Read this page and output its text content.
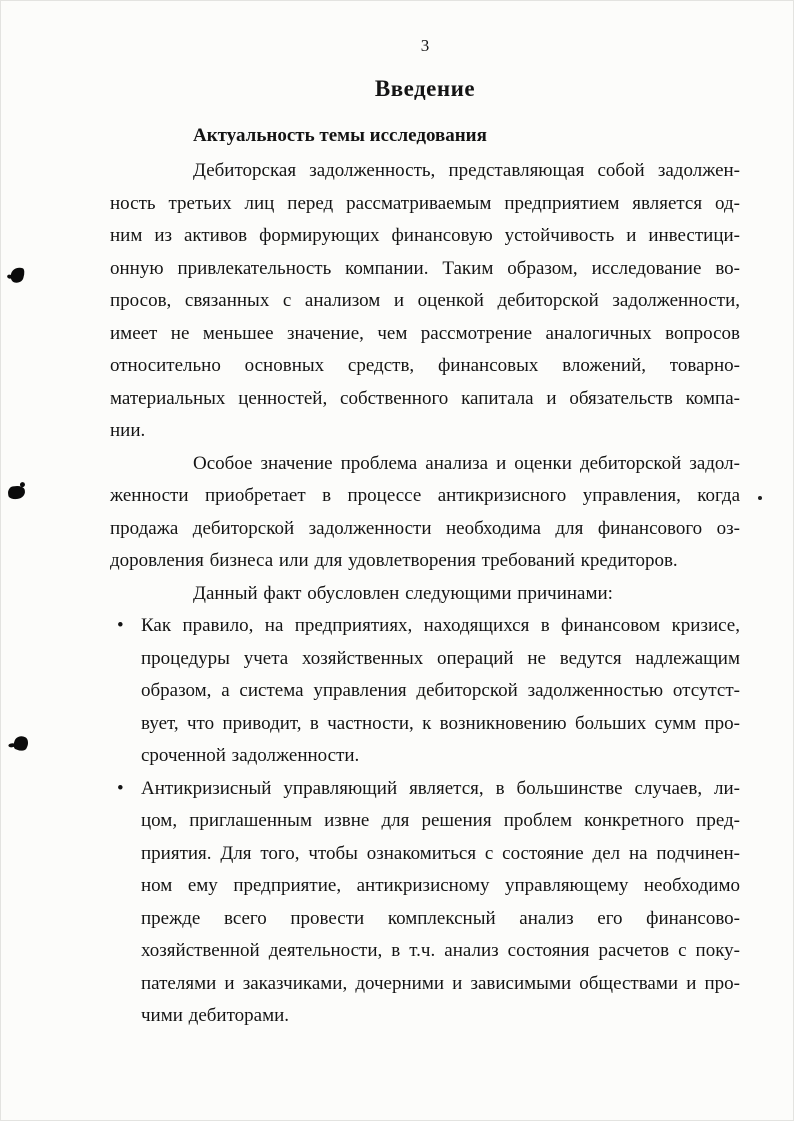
3
Введение
Актуальность темы исследования
Дебиторская задолженность, представляющая собой задолжен-
ность третьих лиц перед рассматриваемым предприятием является од-
ним из активов формирующих финансовую устойчивость и инвестици-
онную привлекательность компании. Таким образом, исследование во-
просов, связанных с анализом и оценкой дебиторской задолженности,
имеет не меньшее значение, чем рассмотрение аналогичных вопросов
относительно основных средств, финансовых вложений, товарно-
материальных ценностей, собственного капитала и обязательств компа-
нии.
Особое значение проблема анализа и оценки дебиторской задол-
женности приобретает в процессе антикризисного управления, когда
продажа дебиторской задолженности необходима для финансового оз-
доровления бизнеса или для удовлетворения требований кредиторов.
Данный факт обусловлен следующими причинами:
• Как правило, на предприятиях, находящихся в финансовом кризисе,
процедуры учета хозяйственных операций не ведутся надлежащим
образом, а система управления дебиторской задолженностью отсутст-
вует, что приводит, в частности, к возникновению больших сумм про-
сроченной задолженности.
• Антикризисный управляющий является, в большинстве случаев, ли-
цом, приглашенным извне для решения проблем конкретного пред-
приятия. Для того, чтобы ознакомиться с состояние дел на подчинен-
ном ему предприятие, антикризисному управляющему необходимо
прежде всего провести комплексный анализ его финансово-
хозяйственной деятельности, в т.ч. анализ состояния расчетов с поку-
пателями и заказчиками, дочерними и зависимыми обществами и про-
чими дебиторами.
